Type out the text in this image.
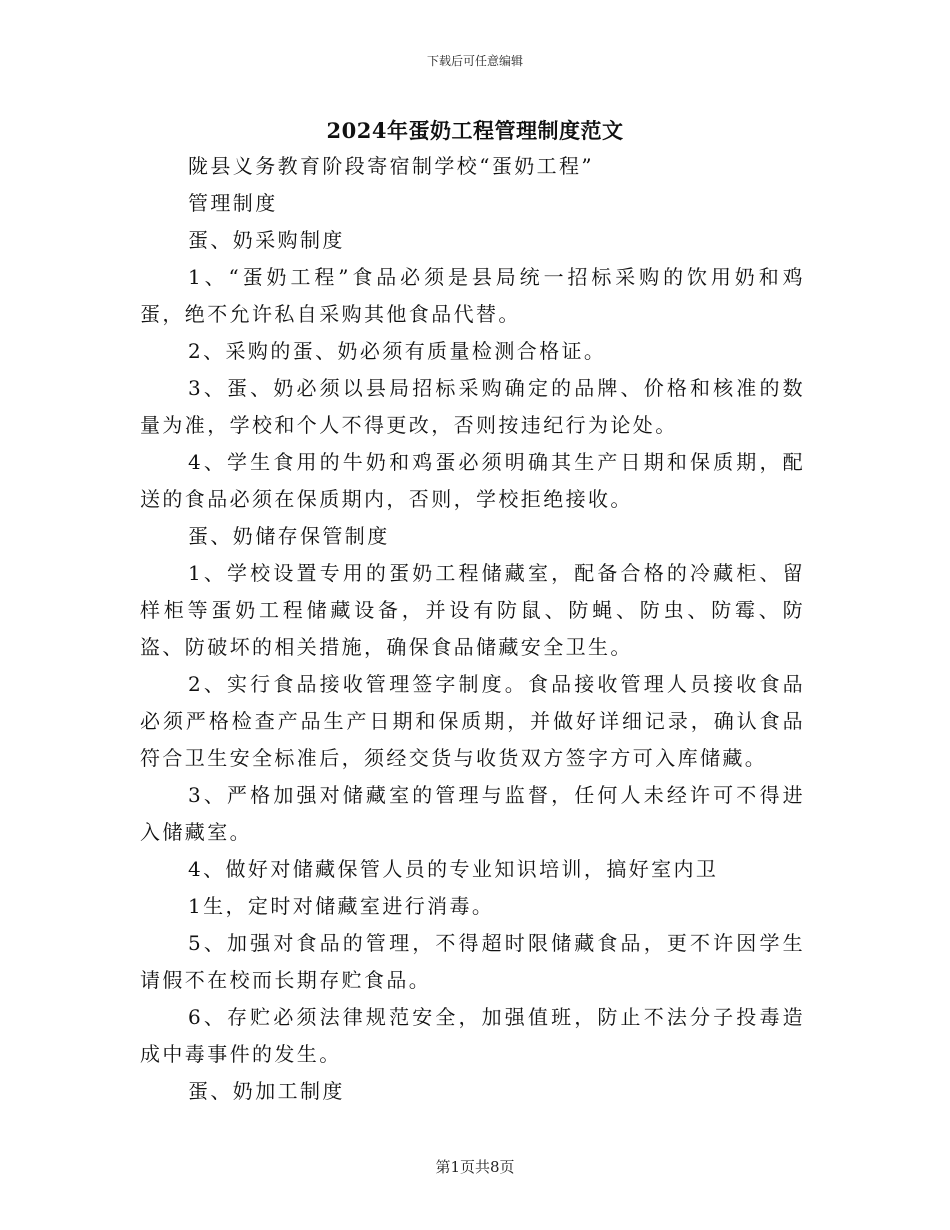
下载后可任意编辑
2024年蛋奶工程管理制度范文

陇县义务教育阶段寄宿制学校“蛋奶工程”

管理制度

蛋、奶采购制度

1、“蛋奶工程”食品必须是县局统一招标采购的饮用奶和鸡蛋，绝不允许私自采购其他食品代替。

2、采购的蛋、奶必须有质量检测合格证。

3、蛋、奶必须以县局招标采购确定的品牌、价格和核准的数量为准，学校和个人不得更改，否则按违纪行为论处。

4、学生食用的牛奶和鸡蛋必须明确其生产日期和保质期，配送的食品必须在保质期内，否则，学校拒绝接收。

蛋、奶储存保管制度

1、学校设置专用的蛋奶工程储藏室，配备合格的冷藏柜、留样柜等蛋奶工程储藏设备，并设有防鼠、防蝇、防虫、防霉、防盗、防破坏的相关措施，确保食品储藏安全卫生。

2、实行食品接收管理签字制度。食品接收管理人员接收食品必须严格检查产品生产日期和保质期，并做好详细记录，确认食品符合卫生安全标准后，须经交货与收货双方签字方可入库储藏。

3、严格加强对储藏室的管理与监督，任何人未经许可不得进入储藏室。

4、做好对储藏保管人员的专业知识培训，搞好室内卫

1生，定时对储藏室进行消毒。

5、加强对食品的管理，不得超时限储藏食品，更不许因学生请假不在校而长期存贮食品。

6、存贮必须法律规范安全，加强值班，防止不法分子投毒造成中毒事件的发生。

蛋、奶加工制度

第1页共8页
